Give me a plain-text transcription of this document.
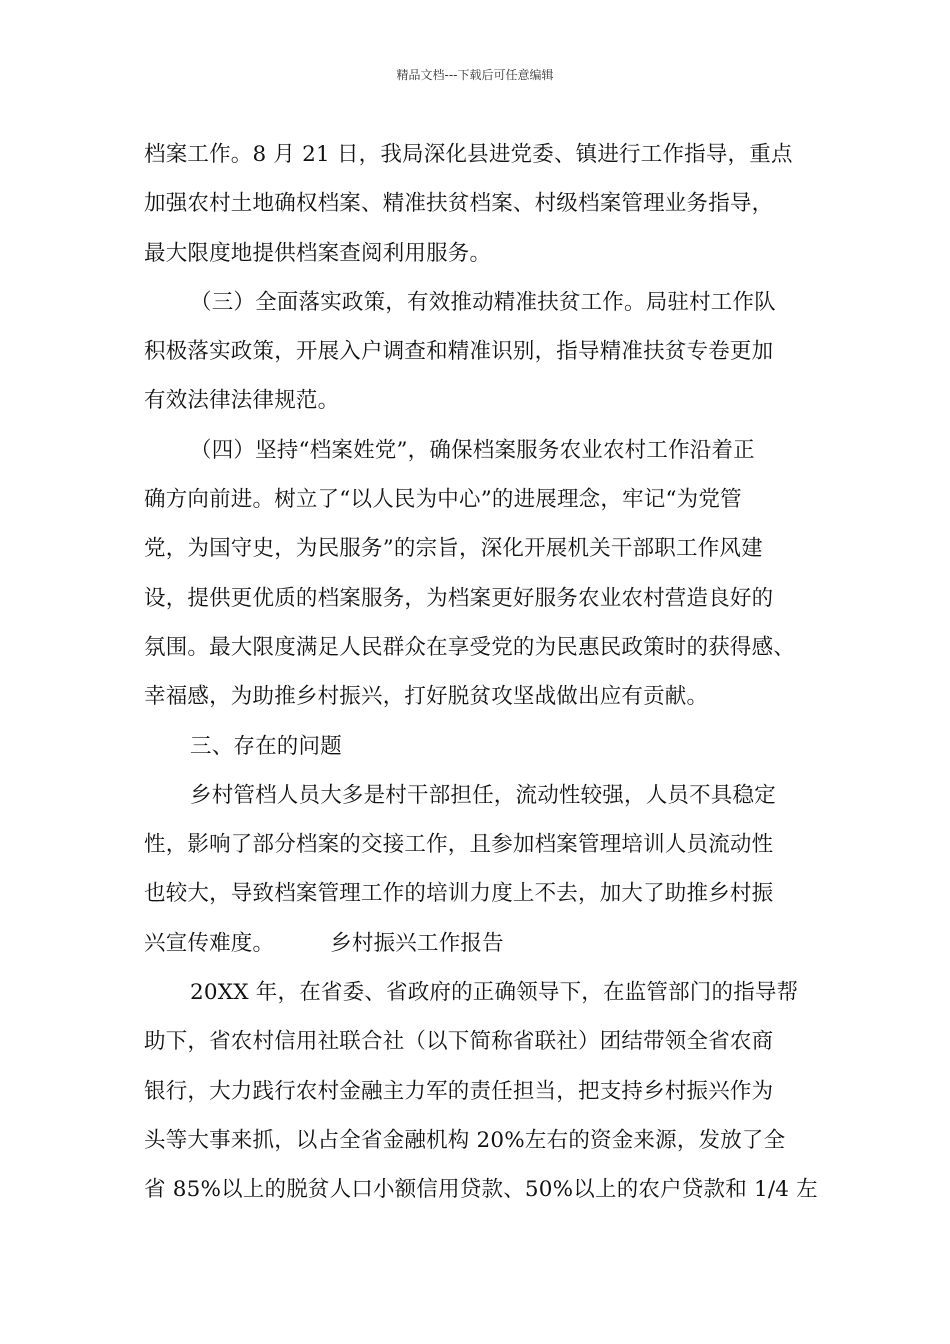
精品文档---下载后可任意编辑
档案工作。8 月 21 日，我局深化县进党委、镇进行工作指导，重点
加强农村土地确权档案、精准扶贫档案、村级档案管理业务指导，
最大限度地提供档案查阅利用服务。
（三）全面落实政策，有效推动精准扶贫工作。局驻村工作队
积极落实政策，开展入户调查和精准识别，指导精准扶贫专卷更加
有效法律法律规范。
（四）坚持“档案姓党”，确保档案服务农业农村工作沿着正
确方向前进。树立了“以人民为中心”的进展理念，牢记“为党管
党，为国守史，为民服务”的宗旨，深化开展机关干部职工作风建
设，提供更优质的档案服务，为档案更好服务农业农村营造良好的
氛围。最大限度满足人民群众在享受党的为民惠民政策时的获得感、
幸福感，为助推乡村振兴，打好脱贫攻坚战做出应有贡献。
三、存在的问题
乡村管档人员大多是村干部担任，流动性较强，人员不具稳定
性，影响了部分档案的交接工作，且参加档案管理培训人员流动性
也较大，导致档案管理工作的培训力度上不去，加大了助推乡村振
兴宣传难度。	乡村振兴工作报告
20XX 年，在省委、省政府的正确领导下，在监管部门的指导帮
助下，省农村信用社联合社（以下简称省联社）团结带领全省农商
银行，大力践行农村金融主力军的责任担当，把支持乡村振兴作为
头等大事来抓，以占全省金融机构 20%左右的资金来源，发放了全
省 85%以上的脱贫人口小额信用贷款、50%以上的农户贷款和 1/4 左
